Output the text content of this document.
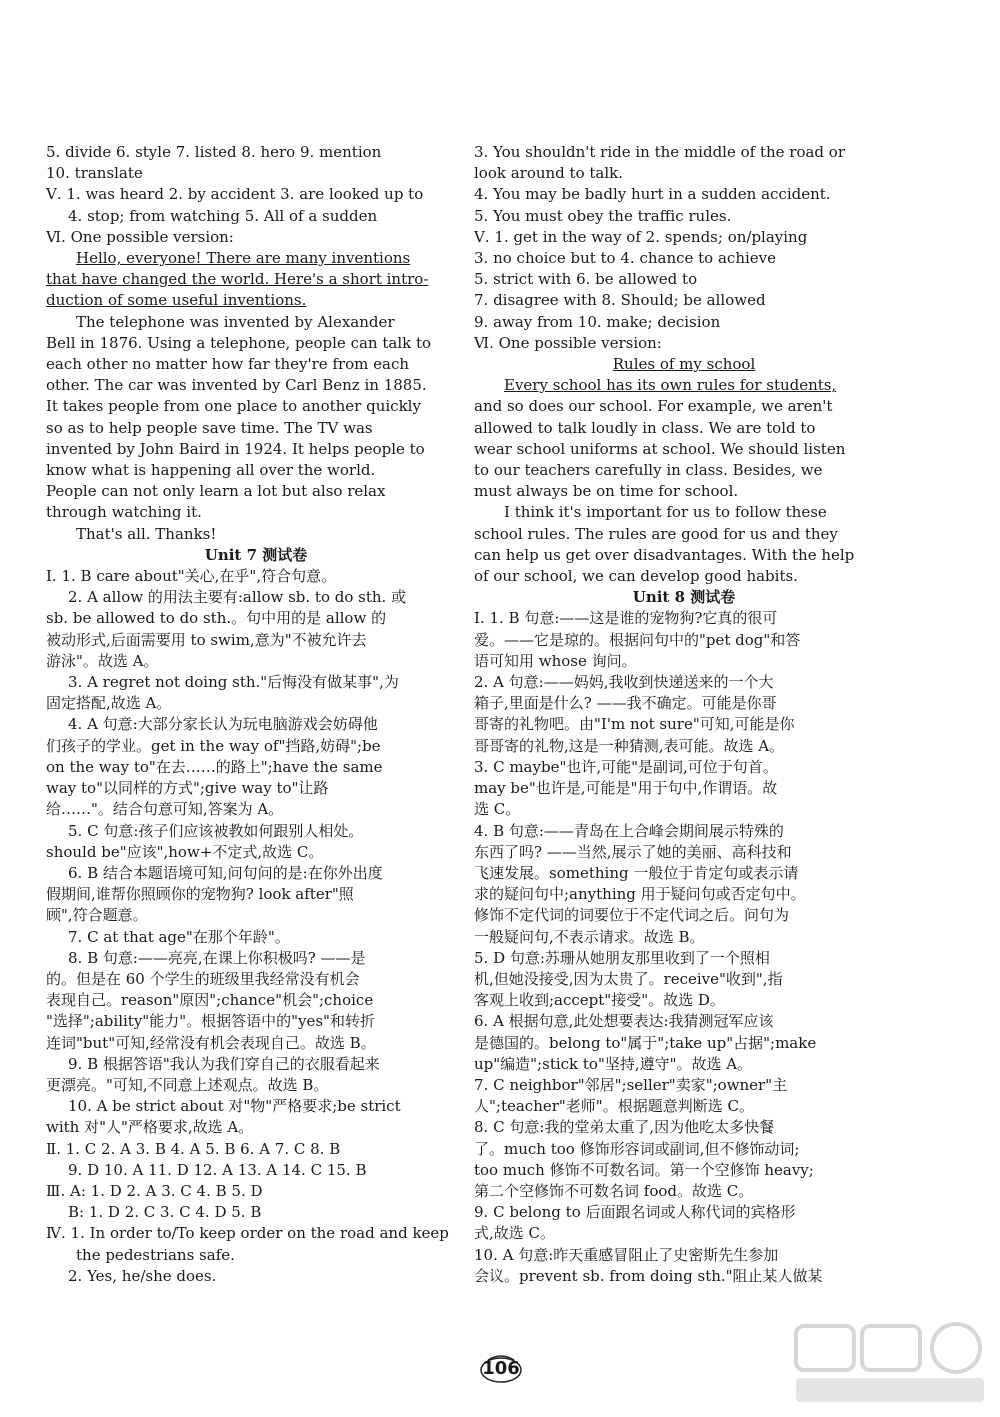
5. divide 6. style 7. listed 8. hero 9. mention
10. translate
Ⅴ. 1. was heard 2. by accident 3. are looked up to
4. stop; from watching 5. All of a sudden
Ⅵ. One possible version:
Hello, everyone! There are many inventions
that have changed the world. Here's a short intro-
duction of some useful inventions.
The telephone was invented by Alexander
Bell in 1876. Using a telephone, people can talk to
each other no matter how far they're from each
other. The car was invented by Carl Benz in 1885.
It takes people from one place to another quickly
so as to help people save time. The TV was
invented by John Baird in 1924. It helps people to
know what is happening all over the world.
People can not only learn a lot but also relax
through watching it.
That's all. Thanks!
Unit 7 测试卷
Ⅰ. 1. B care about"关心,在乎",符合句意。
2. A allow 的用法主要有:allow sb. to do sth. 或
sb. be allowed to do sth.。句中用的是 allow 的
被动形式,后面需要用 to swim,意为"不被允许去
游泳"。故选 A。
3. A regret not doing sth."后悔没有做某事",为
固定搭配,故选 A。
4. A 句意:大部分家长认为玩电脑游戏会妨碍他
们孩子的学业。get in the way of"挡路,妨碍";be
on the way to"在去……的路上";have the same
way to"以同样的方式";give way to"让路
给……"。结合句意可知,答案为 A。
5. C 句意:孩子们应该被教如何跟别人相处。
should be"应该",how+不定式,故选 C。
6. B 结合本题语境可知,问句问的是:在你外出度
假期间,谁帮你照顾你的宠物狗? look after"照
顾",符合题意。
7. C at that age"在那个年龄"。
8. B 句意:——亮亮,在课上你积极吗? ——是
的。但是在 60 个学生的班级里我经常没有机会
表现自己。reason"原因";chance"机会";choice
"选择";ability"能力"。根据答语中的"yes"和转折
连词"but"可知,经常没有机会表现自己。故选 B。
9. B 根据答语"我认为我们穿自己的衣服看起来
更漂亮。"可知,不同意上述观点。故选 B。
10. A be strict about 对"物"严格要求;be strict
with 对"人"严格要求,故选 A。
Ⅱ. 1. C 2. A 3. B 4. A 5. B 6. A 7. C 8. B
9. D 10. A 11. D 12. A 13. A 14. C 15. B
Ⅲ. A: 1. D 2. A 3. C 4. B 5. D
B: 1. D 2. C 3. C 4. D 5. B
Ⅳ. 1. In order to/To keep order on the road and keep
the pedestrians safe.
2. Yes, he/she does.
3. You shouldn't ride in the middle of the road or
look around to talk.
4. You may be badly hurt in a sudden accident.
5. You must obey the traffic rules.
Ⅴ. 1. get in the way of 2. spends; on/playing
3. no choice but to 4. chance to achieve
5. strict with 6. be allowed to
7. disagree with 8. Should; be allowed
9. away from 10. make; decision
Ⅵ. One possible version:
Rules of my school
Every school has its own rules for students,
and so does our school. For example, we aren't
allowed to talk loudly in class. We are told to
wear school uniforms at school. We should listen
to our teachers carefully in class. Besides, we
must always be on time for school.
I think it's important for us to follow these
school rules. The rules are good for us and they
can help us get over disadvantages. With the help
of our school, we can develop good habits.
Unit 8 测试卷
Ⅰ. 1. B 句意:——这是谁的宠物狗?它真的很可
爱。——它是琼的。根据问句中的"pet dog"和答
语可知用 whose 询问。
2. A 句意:——妈妈,我收到快递送来的一个大
箱子,里面是什么? ——我不确定。可能是你哥
哥寄的礼物吧。由"I'm not sure"可知,可能是你
哥哥寄的礼物,这是一种猜测,表可能。故选 A。
3. C maybe"也许,可能"是副词,可位于句首。
may be"也许是,可能是"用于句中,作谓语。故
选 C。
4. B 句意:——青岛在上合峰会期间展示特殊的
东西了吗? ——当然,展示了她的美丽、高科技和
飞速发展。something 一般位于肯定句或表示请
求的疑问句中;anything 用于疑问句或否定句中。
修饰不定代词的词要位于不定代词之后。问句为
一般疑问句,不表示请求。故选 B。
5. D 句意:苏珊从她朋友那里收到了一个照相
机,但她没接受,因为太贵了。receive"收到",指
客观上收到;accept"接受"。故选 D。
6. A 根据句意,此处想要表达:我猜测冠军应该
是德国的。belong to"属于";take up"占据";make
up"编造";stick to"坚持,遵守"。故选 A。
7. C neighbor"邻居";seller"卖家";owner"主
人";teacher"老师"。根据题意判断选 C。
8. C 句意:我的堂弟太重了,因为他吃太多快餐
了。much too 修饰形容词或副词,但不修饰动词;
too much 修饰不可数名词。第一个空修饰 heavy;
第二个空修饰不可数名词 food。故选 C。
9. C belong to 后面跟名词或人称代词的宾格形
式,故选 C。
10. A 句意:昨天重感冒阻止了史密斯先生参加
会议。prevent sb. from doing sth."阻止某人做某
106
